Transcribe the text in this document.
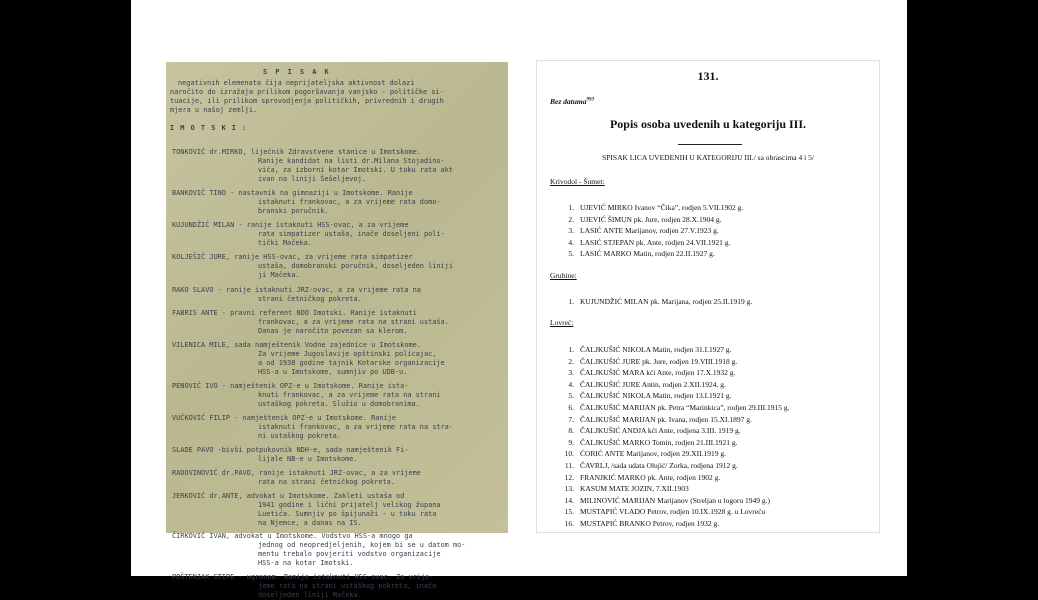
S P I S A K
negativnih elemenata čija neprijateljska aktivnost dolazi
naročito do izražaja prilikom pogoršavanja vanjsko - političke si-
tuacije, ili prilikom sprovodjenja političkih, privrednih i drugih
mjera u našoj zemlji.
I M O T S K I :
TONKOVIĆ dr.MIRKO, liječnik Zdravstvene stanice u Imotskome.
Ranije kandidat na listi dr.Milana Stojadino-
vića, za izborni kotar Imotski. U toku rata akt
ivan na liniji Šešeljevoj.
BANKOVIĆ TINO - nastavnik na gimnaziji u Imotskome. Ranije
istaknuti frankovac, a za vrijeme rata domo-
branski poručnik.
KUJUNDŽIĆ MILAN - ranije istaknuti HSS-ovac, a za vrijeme
rata simpatizer ustaša, inače doseljeni poli-
tički Mačeka.
KOLJEŠIĆ JURE, ranije HSS-ovac, za vrijeme rata simpatizer
ustaša, domobranski poručnik, doseljeden liniji
ji Mačeka.
RAKO SLAVO - ranije istaknuti JRZ-ovac, a za vrijeme rata na
strani četničkog pokreta.
FABRIS ANTE - pravni referent NOO Imotski. Ranije istaknuti
frankovac, a za vrijeme rata na strani ustaša.
Danas je naročito povezan sa klerom.
VILENICA MILE, sada namještenik Vodne zajednice u Imotskome.
Za vrijeme Jugoslavije opštinski policajac,
a od 1938 godine tajnik Kotarske organizacije
HSS-a u Imotskome, sumnjiv po UDB-u.
PENOVIĆ IVO - namještenik OPZ-e u Imotskome. Ranije ista-
knuti frankovac, a za vrijeme rata na strani
ustaškog pokreta. Služio u domobranima.
VUČKOVIĆ FILIP - namještenik OPZ-e u Imotskome. Ranije
istaknuti frankovac, a za vrijeme rata na stra-
ni ustaškog pokreta.
SLADE PAVO -bivši potpukovnik NDH-e, sada namještenik Fi-
lijale NB-e u Imotskome.
RADOVINOVIĆ dr.PAVO, ranije istaknuti JRZ-ovac, a za vrijeme
rata na strani četničkog pokreta.
JERKOVIĆ dr.ANTE, advokat u Imotskome. Zakleti ustaša od
1941 godine i lični prijatelj velikog župana
Luetića. Sumnjiv po špijunaži - u toku rata
na Njemce, a danas na IS.
ČIRKOVIĆ IVAN, advokat u Imotskome. Vodstvo HSS-a mnogo ga
jednog od neopredjeljenih, kojem bi se u datom mo-
mentu trebalo povjeriti vodstvo organizacije
HSS-a na kotar Imotski.
POŠTENJAK STIPE - ugronom. Ranije istaknuti HSS-ovac. Za vrije-
jeme rata na strani ustaškog pokreta, inače
doseljeden liniji Mačeka.
131.
Bez datuma$^{993}$
Popis osoba uvedenih u kategoriju III.
SPISAK LICA UVEDENIH U KATEGORIJU III./ sa obrascima 4 i 5/
Krivodol - Šumet:
1. UJEVIĆ MIRKO Ivanov “Čika”, rodjen 5.VII.1902 g.
2. UJEVIĆ ŠIMUN pk. Jure, rodjen 28.X.1904 g.
3. LASIĆ ANTE Marijanov, rodjen 27.V.1923 g.
4. LASIĆ STJEPAN pk. Ante, rodjen 24.VII.1921 g.
5. LASIĆ MARKO Matin, rodjen 22.II.1927 g.
Grubine:
1. KUJUNDŽIĆ MILAN pk. Marijana, rodjen 25.II.1919 g.
Lovreć:
1. ČALJKUŠIĆ NIKOLA Matin, rodjen 31.I.1927 g.
2. ČALJKUŠIĆ JURE pk. Jure, rodjen 19.VIII.1918 g.
3. ČALJKUŠIĆ MARA kći Ante, rodjen 17.X.1932 g.
4. ČALJKUŠIĆ JURE Antin, rodjen 2.XII.1924. g.
5. ČALJKUŠIĆ NIKOLA Matin, rodjen 13.I.1921 g.
6. ČALJKUŠIĆ MARIJAN pk. Petra “Marinkica”, rodjen 29.III.1915 g.
7. ČALJKUŠIĆ MARIJAN pk. Ivana, rodjen 15.XI.1897 g.
8. ČALJKUŠIĆ ANDJA kći Ante, rodjena 3.III. 1919 g.
9. ČALJKUŠIĆ MARKO Tomin, rodjen 21.III.1921 g.
10. ĆORIĆ ANTE Marijanov, rodjen 29.XII.1919 g.
11. ČAVRLJ, /sada udata Olujić/ Zorka, rodjena 1912 g.
12. FRANJKIĆ MARKO pk. Ante, rodjen 1902 g.
13. KASUM MATE JOZIN, 7.XII.1903
14. MILINOVIĆ MARIJAN Marijanov (Streljan u logoru 1949 g.)
15. MUSTAPIĆ VLADO Petrov, rodjen 10.IX.1928 g. u Lovreću
16. MUSTAPIĆ BRANKO Petrov, rodjen 1932 g.
